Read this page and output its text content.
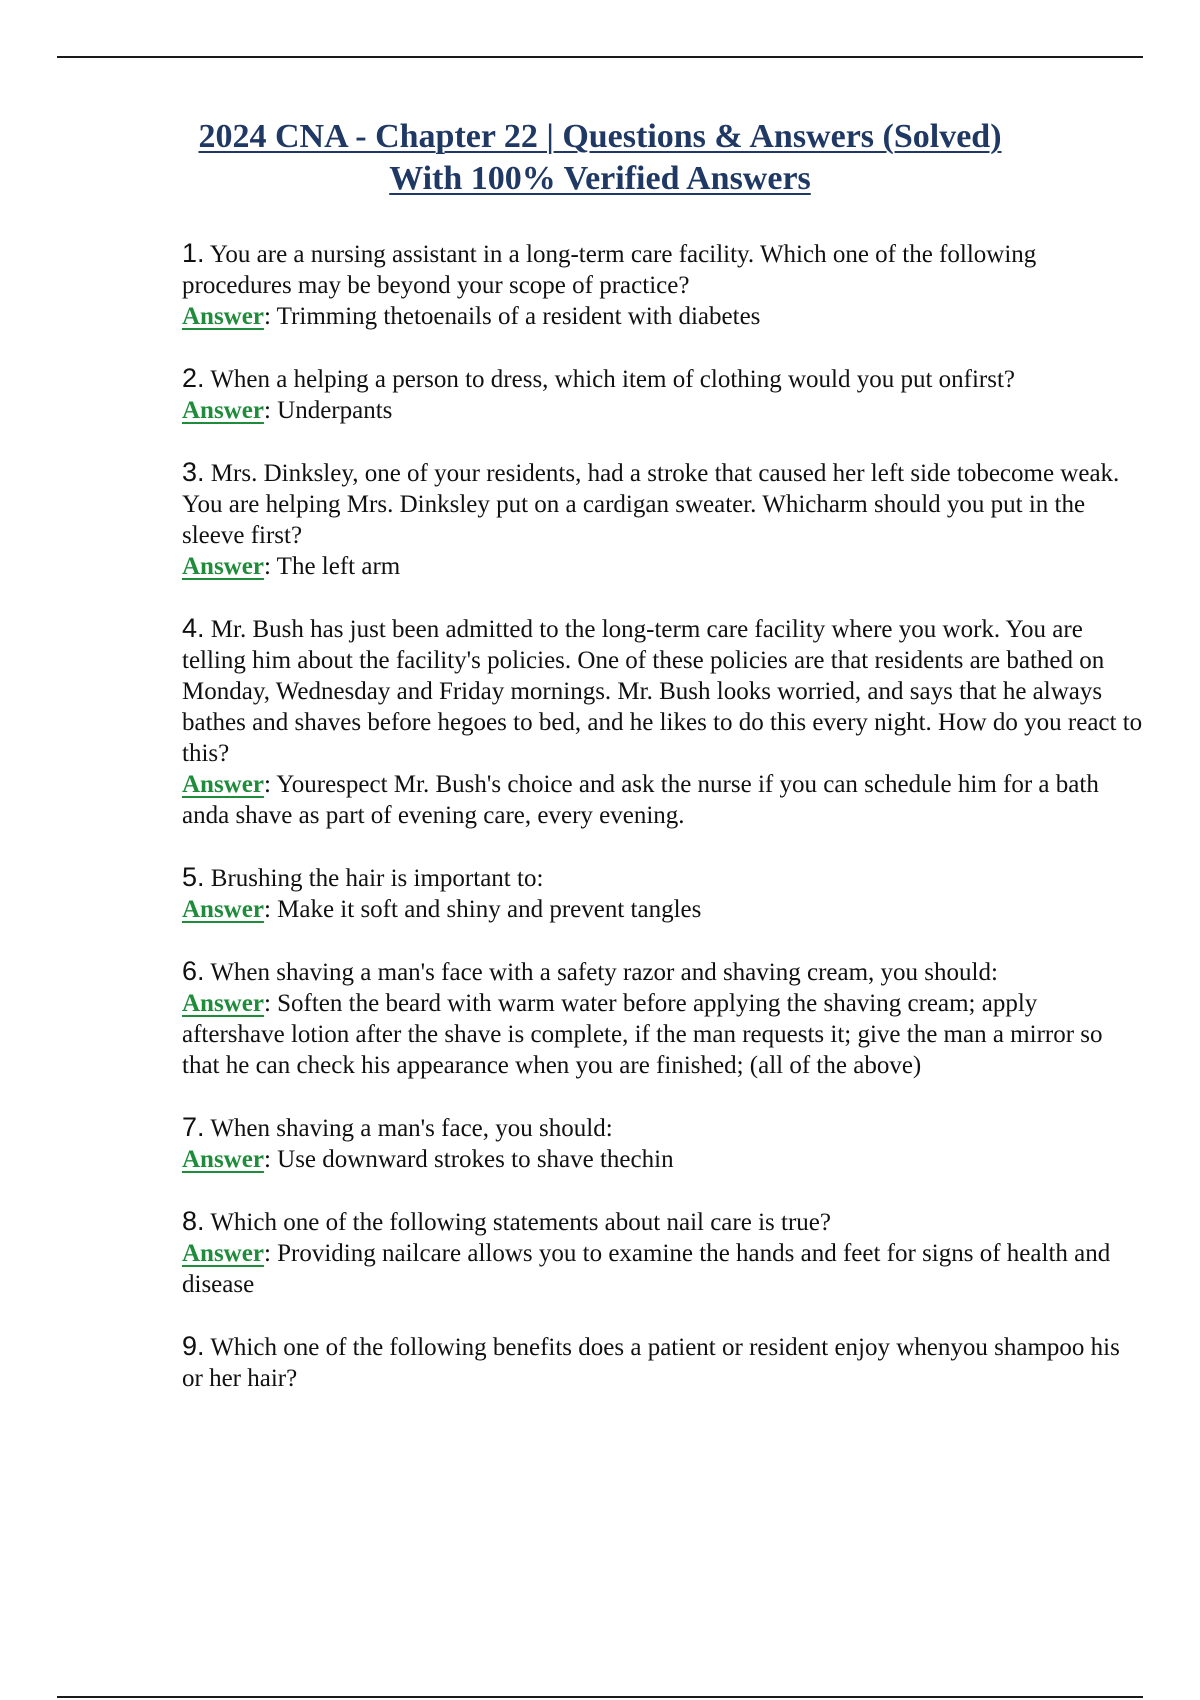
2024 CNA - Chapter 22 | Questions & Answers (Solved)
With 100% Verified Answers

1. You are a nursing assistant in a long-term care facility. Which one of the following procedures may be beyond your scope of practice?
Answer: Trimming thetoenails of a resident with diabetes

2. When a helping a person to dress, which item of clothing would you put onfirst?
Answer: Underpants

3. Mrs. Dinksley, one of your residents, had a stroke that caused her left side tobecome weak. You are helping Mrs. Dinksley put on a cardigan sweater. Whicharm should you put in the sleeve first?
Answer: The left arm

4. Mr. Bush has just been admitted to the long-term care facility where you work. You are telling him about the facility's policies. One of these policies are that residents are bathed on Monday, Wednesday and Friday mornings. Mr. Bush looks worried, and says that he always bathes and shaves before hegoes to bed, and he likes to do this every night. How do you react to this?
Answer: Yourespect Mr. Bush's choice and ask the nurse if you can schedule him for a bath anda shave as part of evening care, every evening.

5. Brushing the hair is important to:
Answer: Make it soft and shiny and prevent tangles

6. When shaving a man's face with a safety razor and shaving cream, you should:
Answer: Soften the beard with warm water before applying the shaving cream; apply aftershave lotion after the shave is complete, if the man requests it; give the man a mirror so that he can check his appearance when you are finished; (all of the above)

7. When shaving a man's face, you should:
Answer: Use downward strokes to shave thechin

8. Which one of the following statements about nail care is true?
Answer: Providing nailcare allows you to examine the hands and feet for signs of health and disease

9. Which one of the following benefits does a patient or resident enjoy whenyou shampoo his or her hair?
